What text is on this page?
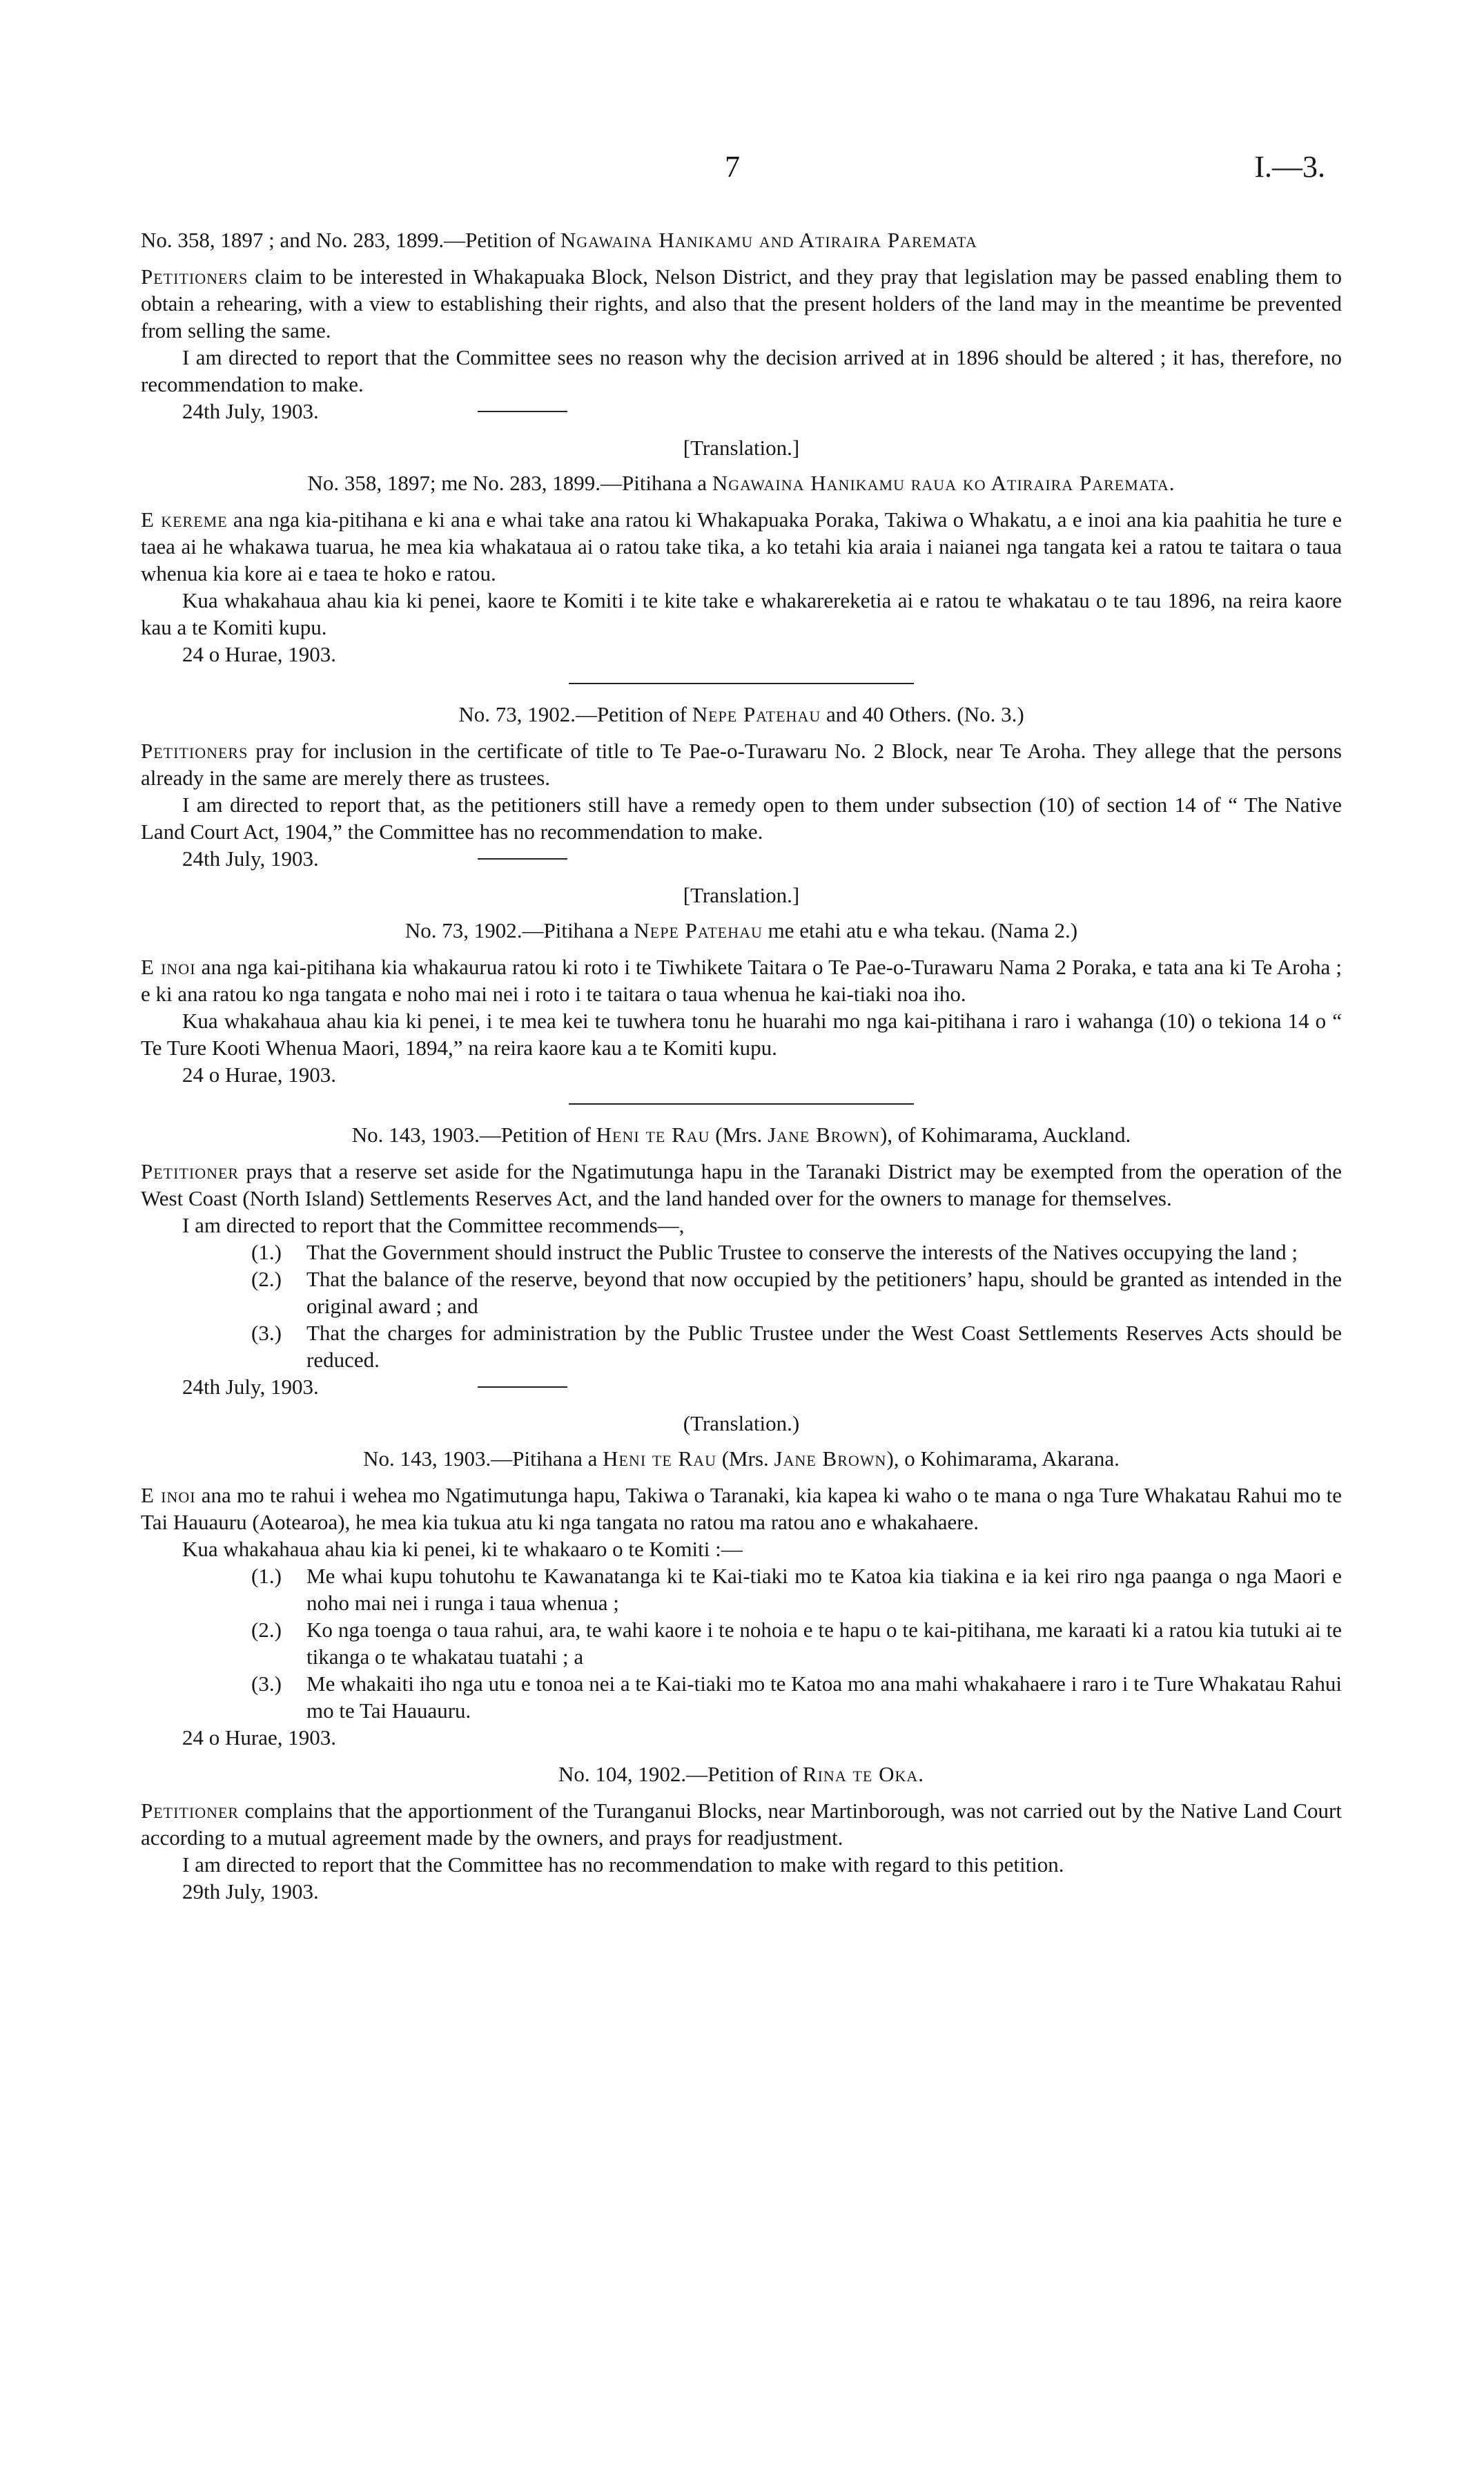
7	I.—3.
No. 358, 1897 ; and No. 283, 1899.—Petition of Ngawaina Hanikamu and Atiraira Paremata

Petitioners claim to be interested in Whakapuaka Block, Nelson District, and they pray that legislation may be passed enabling them to obtain a rehearing, with a view to establishing their rights, and also that the present holders of the land may in the meantime be prevented from selling the same.

I am directed to report that the Committee sees no reason why the decision arrived at in 1896 should be altered ; it has, therefore, no recommendation to make.

24th July, 1903.
[Translation.]
No. 358, 1897; me No. 283, 1899.—Pitihana a Ngawaina Hanikamu raua ko Atiraira Paremata.

E kereme ana nga kia-pitihana e ki ana e whai take ana ratou ki Whakapuaka Poraka, Takiwa o Whakatu, a e inoi ana kia paahitia he ture e taea ai he whakawa tuarua, he mea kia whakataua ai o ratou take tika, a ko tetahi kia araia i naianei nga tangata kei a ratou te taitara o taua whenua kia kore ai e taea te hoko e ratou.

Kua whakahaua ahau kia ki penei, kaore te Komiti i te kite take e whakarereketia ai e ratou te whakatau o te tau 1896, na reira kaore kau a te Komiti kupu.

24 o Hurae, 1903.
No. 73, 1902.—Petition of Nepe Patehau and 40 Others. (No. 3.)

Petitioners pray for inclusion in the certificate of title to Te Pae-o-Turawaru No. 2 Block, near Te Aroha. They allege that the persons already in the same are merely there as trustees.

I am directed to report that, as the petitioners still have a remedy open to them under subsection (10) of section 14 of “ The Native Land Court Act, 1904,” the Committee has no recommendation to make.

24th July, 1903.
[Translation.]
No. 73, 1902.—Pitihana a Nepe Patehau me etahi atu e wha tekau. (Nama 2.)

E inoi ana nga kai-pitihana kia whakaurua ratou ki roto i te Tiwhikete Taitara o Te Pae-o-Turawaru Nama 2 Poraka, e tata ana ki Te Aroha ; e ki ana ratou ko nga tangata e noho mai nei i roto i te taitara o taua whenua he kai-tiaki noa iho.

Kua whakahaua ahau kia ki penei, i te mea kei te tuwhera tonu he huarahi mo nga kai-pitihana i raro i wahanga (10) o tekiona 14 o “ Te Ture Kooti Whenua Maori, 1894,” na reira kaore kau a te Komiti kupu.

24 o Hurae, 1903.
No. 143, 1903.—Petition of Heni te Rau (Mrs. Jane Brown), of Kohimarama, Auckland.

Petitioner prays that a reserve set aside for the Ngatimutunga hapu in the Taranaki District may be exempted from the operation of the West Coast (North Island) Settlements Reserves Act, and the land handed over for the owners to manage for themselves.

I am directed to report that the Committee recommends—,

(1.)	That the Government should instruct the Public Trustee to conserve the interests of the Natives occupying the land ;
(2.)	That the balance of the reserve, beyond that now occupied by the petitioners’ hapu, should be granted as intended in the original award ; and
(3.)	That the charges for administration by the Public Trustee under the West Coast Settlements Reserves Acts should be reduced.
24th July, 1903.
(Translation.)
No. 143, 1903.—Pitihana a Heni te Rau (Mrs. Jane Brown), o Kohimarama, Akarana.

E inoi ana mo te rahui i wehea mo Ngatimutunga hapu, Takiwa o Taranaki, kia kapea ki waho o te mana o nga Ture Whakatau Rahui mo te Tai Hauauru (Aotearoa), he mea kia tukua atu ki nga tangata no ratou ma ratou ano e whakahaere.

Kua whakahaua ahau kia ki penei, ki te whakaaro o te Komiti :—

(1.)	Me whai kupu tohutohu te Kawanatanga ki te Kai-tiaki mo te Katoa kia tiakina e ia kei riro nga paanga o nga Maori e noho mai nei i runga i taua whenua ;
(2.)	Ko nga toenga o taua rahui, ara, te wahi kaore i te nohoia e te hapu o te kai-pitihana, me karaati ki a ratou kia tutuki ai te tikanga o te whakatau tuatahi ; a
(3.)	Me whakaiti iho nga utu e tonoa nei a te Kai-tiaki mo te Katoa mo ana mahi whakahaere i raro i te Ture Whakatau Rahui mo te Tai Hauauru.
24 o Hurae, 1903.
No. 104, 1902.—Petition of Rina te Oka.

Petitioner complains that the apportionment of the Turanganui Blocks, near Martinborough, was not carried out by the Native Land Court according to a mutual agreement made by the owners, and prays for readjustment.

I am directed to report that the Committee has no recommendation to make with regard to this petition.

29th July, 1903.
